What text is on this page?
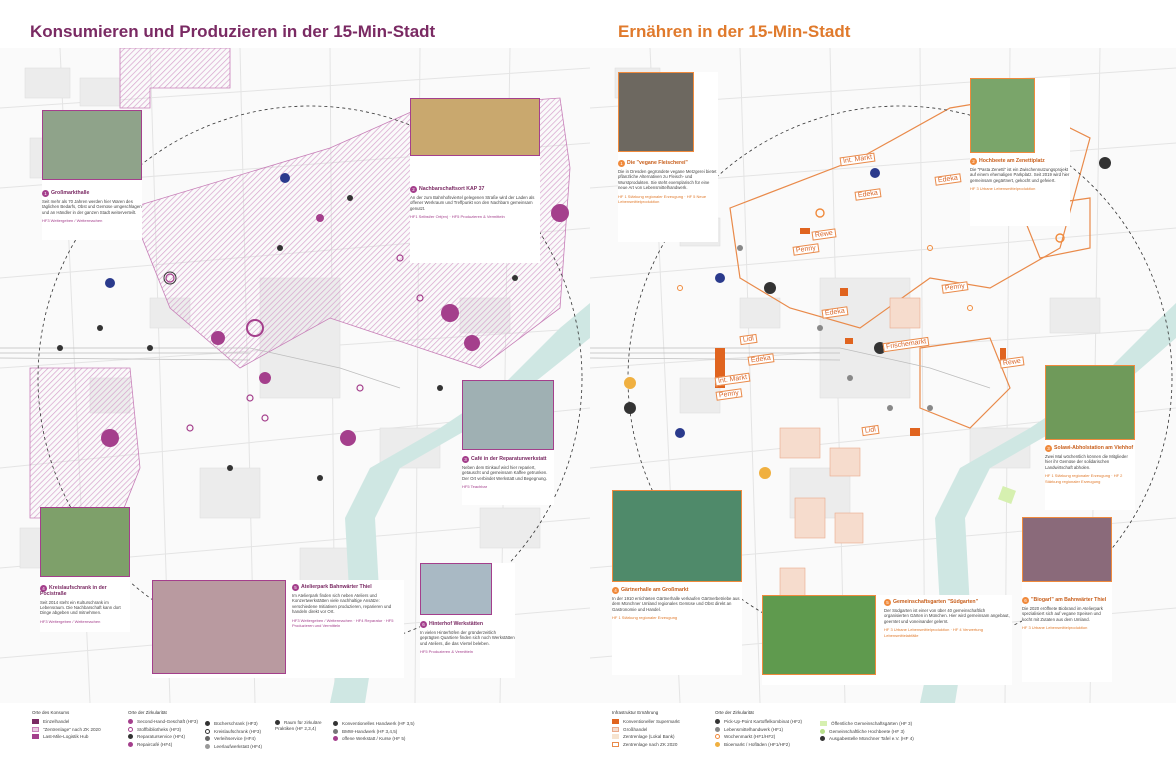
Konsumieren und Produzieren in der 15-Min-Stadt
1 Großmarkthalle
Seit mehr als 70 Jahren werden hier Waren des täglichen Bedarfs, Obst und Gemüse umgeschlagen und an Händler in der ganzen Stadt weiterverteilt.
HF3 Weitergeben / Weitermachen
2 Nachbarschaftsort KAP 37
An der zum Bahnhofsviertel gelegenen Straße wird der Laden als offener Werkraum und Treffpunkt von den Nachbarn gemeinsam genutzt.
HF1 Selbst/er Ort(en) · HF5 Produzieren & Vermitteln
3 Café in der Reparaturwerkstatt
Neben dem Einkauf wird hier repariert, getauscht und gemeinsam Kaffee getrunken. Der Ort verbindet Werkstatt und Begegnung.
HF5 Teachbar
4 Kreislaufschrank in der Pocistraße
Seit 2014 steht ein Kulturschrank im Lebensraum. Die Nachbarschaft kann dort Dinge abgeben und mitnehmen.
HF3 Weitergeben / Weitermachen
5 Atelierpark Bahnwärter Thiel
Im Atelierpark finden sich neben Ateliers und Konzertwerkstätten viele nachhaltige Ansätze: verschiedene Initiativen produzieren, reparieren und handeln direkt vor Ort.
HF3 Weitergeben / Weitermachen · HF4 Reparatur · HF5 Produzieren und Vermitteln	6 Hinterhof Werkstätten
In vielen Hinterhöfen der gründerzeitlich geprägten Quartiere finden sich noch Werkstätten und Ateliers, die das Viertel beleben.
HF5 Produzieren & Vermitteln
Ernähren in der 15-Min-Stadt
Int. Markt
Edeka
Rewe
Penny
Edeka
Penny
Edeka
Frischemarkt
Rewe
Lidl
Edeka
Int. Markt
Penny
Lidl
1 Die "vegane Fleischerei"
Die in Dresden gegründete vegane Metzgerei bietet pflanzliche Alternativen zu Fleisch- und Wurstprodukten. Sie steht exemplarisch für eine neue Art von Lebensmittelhandwerk.
HF 1 Stärkung regionaler Erzeugung · HF 5 Neue Lebensmittelproduktion
2 Hochbeete am Zenettiplatz
Die "Pasta Zenetti" ist ein Zwischennutzungsprojekt auf einem ehemaligen Parkplatz. Seit 2019 wird hier gemeinsam gegärtnert, gekocht und gefeiert.
HF 3 Urbane Lebensmittelproduktion
3 Solawi-Abholstation am Viehhof
Zwei Mal wöchentlich können die Mitglieder hier ihr Gemüse der solidarischen Landwirtschaft abholen.
HF 1 Stärkung regionaler Erzeugung · HF 2 Stärkung regionaler Erzeugung
4 Gärtnerhalle am Großmarkt
In der 1910 errichteten Gärtnerhalle verkaufen Gärtnerbetriebe aus dem Münchner Umland regionales Gemüse und Obst direkt an Gastronomie und Handel.
HF 1 Stärkung regionaler Erzeugung
5 Gemeinschaftsgarten "Südgarten"
Der Südgarten ist einer von über 40 gemeinschaftlich organisierten Gärten in München. Hier wird gemeinsam angebaut, geerntet und voneinander gelernt.
HF 3 Urbane Lebensmittelproduktion · HF 4 Verwertung Lebensmittelabfälle
6 "Biogarl" am Bahnwärter Thiel
Die 2020 eröffnete Biobrand im Atelierpark spezialisiert sich auf vegane Speisen und kocht mit Zutaten aus dem Umland.
HF 3 Urbane Lebensmittelproduktion
Orte des Konsums
Einzelhandel
"Zentrenlage" nach ZK 2020
Last-Mile-Logistik Hub
Orte der Zirkularität
Second-Hand-Geschäft (HF3)
Stoffbibliotheks (HF3)
Reparaturservice (HF4)
Repaircafé (HF4)
Bücherschrank (HF3)
Kreislaufschrank (HF3)
Verleihservice (HF4)
Leerlaufwerkstatt (HF4)
Raum für zirkuläre Praktiken (HF 2,3,4)
Konventionelles Handwerk (HF 3,5)
BMW-Handwerk (HF 3,4,5)
offene Werkstatt / Kurse (HF 5)
Infrastruktur Ernährung
Konventioneller Supermarkt
Großhandel
Zentrenlage (Lokal Bank)
Zentrenlage nach ZK 2020
Orte der Zirkularität
Pick-Up-Point Kartoffelkombinat (HF2)
Lebensmittelhandwerk (HF1)
Wochenmarkt (HF1/HF2)
Bioemarkt / Hofläden (HF1/HF2)
Öffentliche Gemeinschaftsgärten (HF 3)
Gemeinschaftliche Hochbeete (HF 3)
Ausgabestelle Münchner Tafel e.V. (HF 4)
